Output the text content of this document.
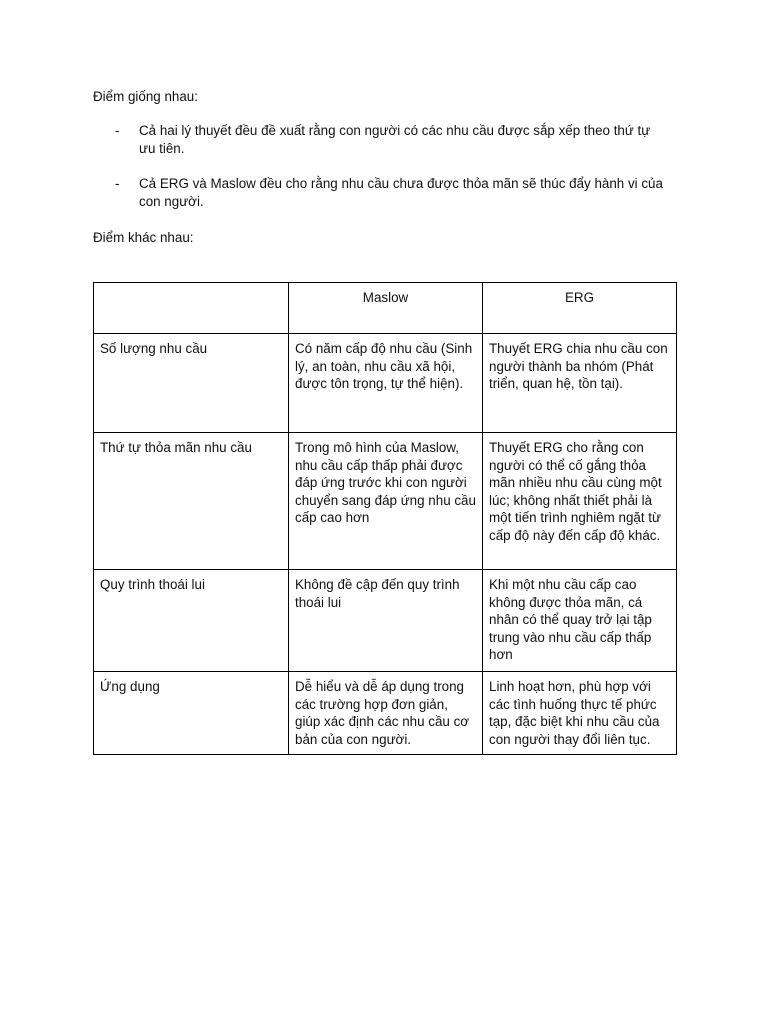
Điểm giống nhau:

- Cả hai lý thuyết đều đề xuất rằng con người có các nhu cầu được sắp xếp theo thứ tự ưu tiên.
- Cả ERG và Maslow đều cho rằng nhu cầu chưa được thỏa mãn sẽ thúc đẩy hành vi của con người.

Điểm khác nhau:

	Maslow	ERG
Số lượng nhu cầu	Có năm cấp độ nhu cầu (Sinh lý, an toàn, nhu cầu xã hội, được tôn trọng, tự thể hiện).	Thuyết ERG chia nhu cầu con người thành ba nhóm (Phát triển, quan hệ, tồn tại).
Thứ tự thỏa mãn nhu cầu	Trong mô hình của Maslow, nhu cầu cấp thấp phải được đáp ứng trước khi con người chuyển sang đáp ứng nhu cầu cấp cao hơn	Thuyết ERG cho rằng con người có thể cố gắng thỏa mãn nhiều nhu cầu cùng một lúc; không nhất thiết phải là một tiến trình nghiêm ngặt từ cấp độ này đến cấp độ khác.
Quy trình thoái lui	Không đề cập đến quy trình thoái lui	Khi một nhu cầu cấp cao không được thỏa mãn, cá nhân có thể quay trở lại tập trung vào nhu cầu cấp thấp hơn
Ứng dụng	Dễ hiểu và dễ áp dụng trong các trường hợp đơn giản, giúp xác định các nhu cầu cơ bản của con người.	Linh hoạt hơn, phù hợp với các tình huống thực tế phức tạp, đặc biệt khi nhu cầu của con người thay đổi liên tục.
